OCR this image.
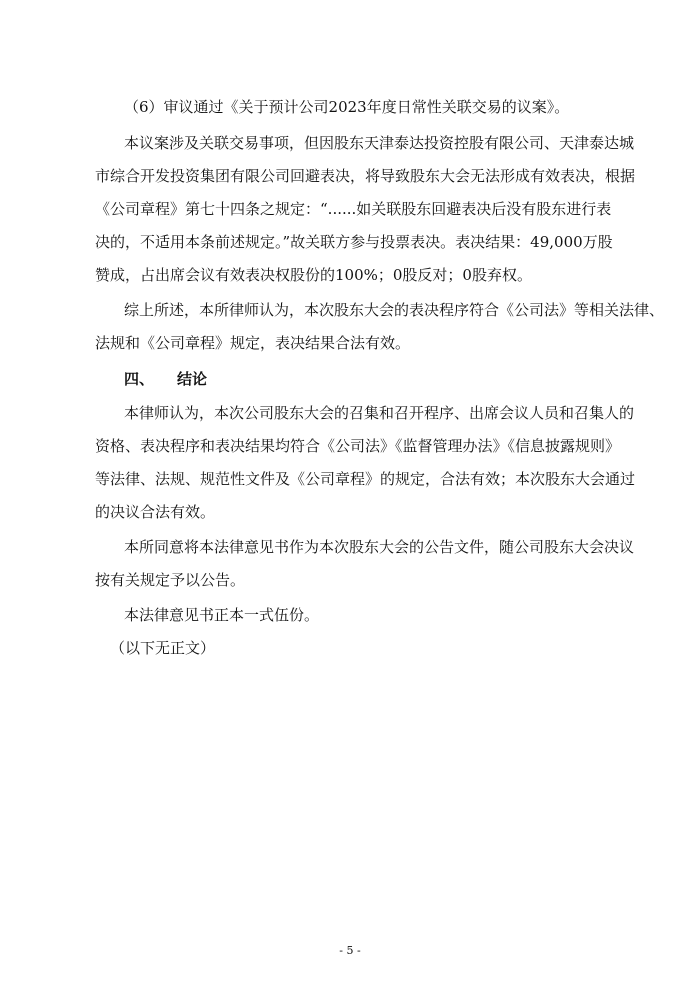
（6）审议通过《关于预计公司2023年度日常性关联交易的议案》。

本议案涉及关联交易事项，但因股东天津泰达投资控股有限公司、天津泰达城

市综合开发投资集团有限公司回避表决，将导致股东大会无法形成有效表决，根据

《公司章程》第七十四条之规定：“......如关联股东回避表决后没有股东进行表

决的，不适用本条前述规定。”故关联方参与投票表决。表决结果：49,000万股

赞成，占出席会议有效表决权股份的100%；0股反对；0股弃权。

综上所述，本所律师认为，本次股东大会的表决程序符合《公司法》等相关法律、

法规和《公司章程》规定，表决结果合法有效。

四、 结论

本律师认为，本次公司股东大会的召集和召开程序、出席会议人员和召集人的

资格、表决程序和表决结果均符合《公司法》《监督管理办法》《信息披露规则》

等法律、法规、规范性文件及《公司章程》的规定，合法有效；本次股东大会通过

的决议合法有效。

本所同意将本法律意见书作为本次股东大会的公告文件，随公司股东大会决议

按有关规定予以公告。

本法律意见书正本一式伍份。

（以下无正文）

- 5 -
